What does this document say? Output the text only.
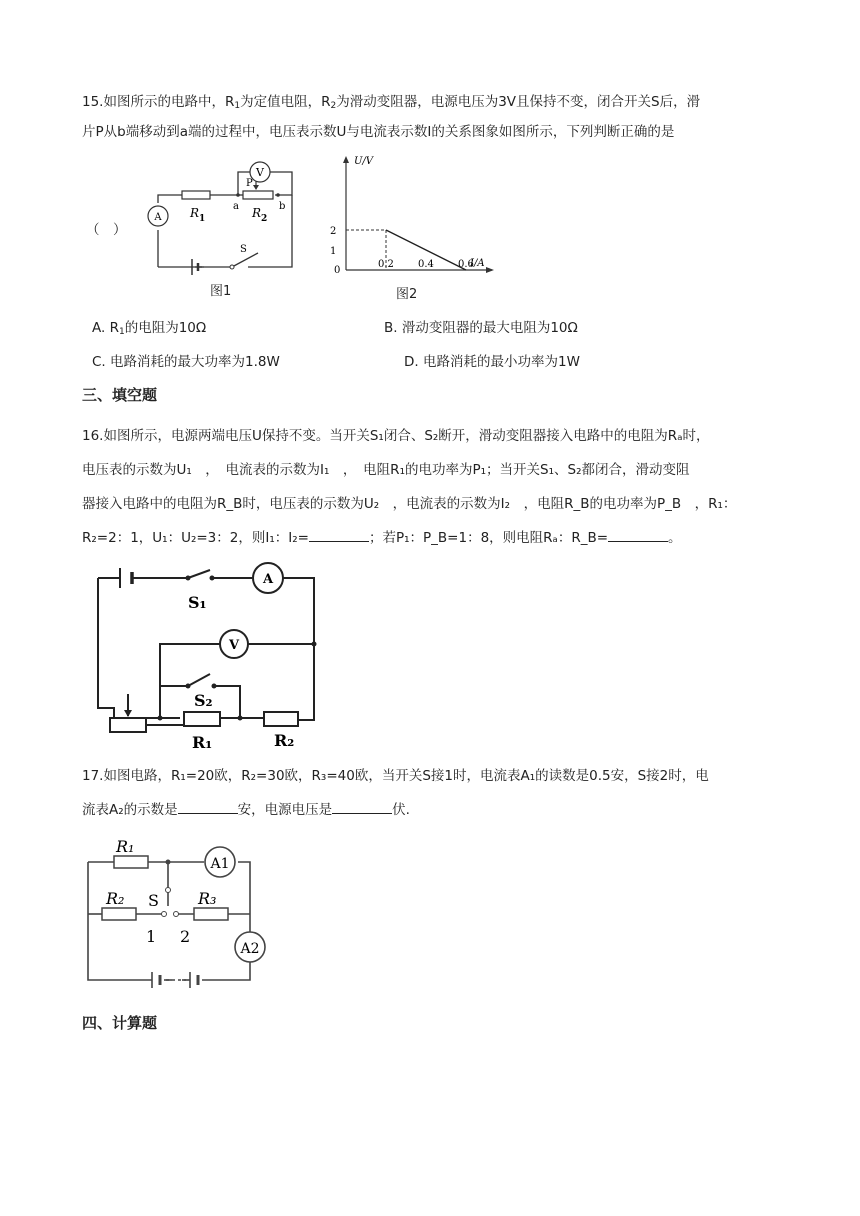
15.如图所示的电路中，$R_1$为定值电阻，$R_2$为滑动变阻器，电源电压为3V且保持不变，闭合开关S后，滑

片P从b端移动到a端的过程中，电压表示数U与电流表示数I的关系图象如图所示，下列判断正确的是

（　）
V
A R 1	R 2
P
a	b
S
图1
1
2
0.2 0.4 0.6
U/V
I/A
0
图2
A. $R_1$的电阻为10Ω	B. 滑动变阻器的最大电阻为10Ω
C. 电路消耗的最大功率为1.8W	D. 电路消耗的最小功率为1W

三、填空题

16.如图所示，电源两端电压U保持不变。当开关S₁闭合、S₂断开，滑动变阻器接入电路中的电阻为Rₐ时，

电压表的示数为U₁　，　电流表的示数为I₁　，　电阻R₁的电功率为P₁；当开关S₁、S₂都闭合，滑动变阻

器接入电路中的电阻为R_B时，电压表的示数为U₂　，电流表的示数为I₂　，电阻R_B的电功率为P_B　，R₁：

R₂=2：1，U₁：U₂=3：2，则I₁：I₂=	；若P₁：P_B=1：8，则电阻Rₐ：R_B=	。

A
V
S₁
S₂
R₁	R₂

17.如图电路，R₁=20欧，R₂=30欧，R₃=40欧，当开关S接1时，电流表A₁的读数是0.5安，S接2时，电

流表A₂的示数是	安，电源电压是	伏.

A1
A2
R₁
R₂	R₃
S
1 2

四、计算题
